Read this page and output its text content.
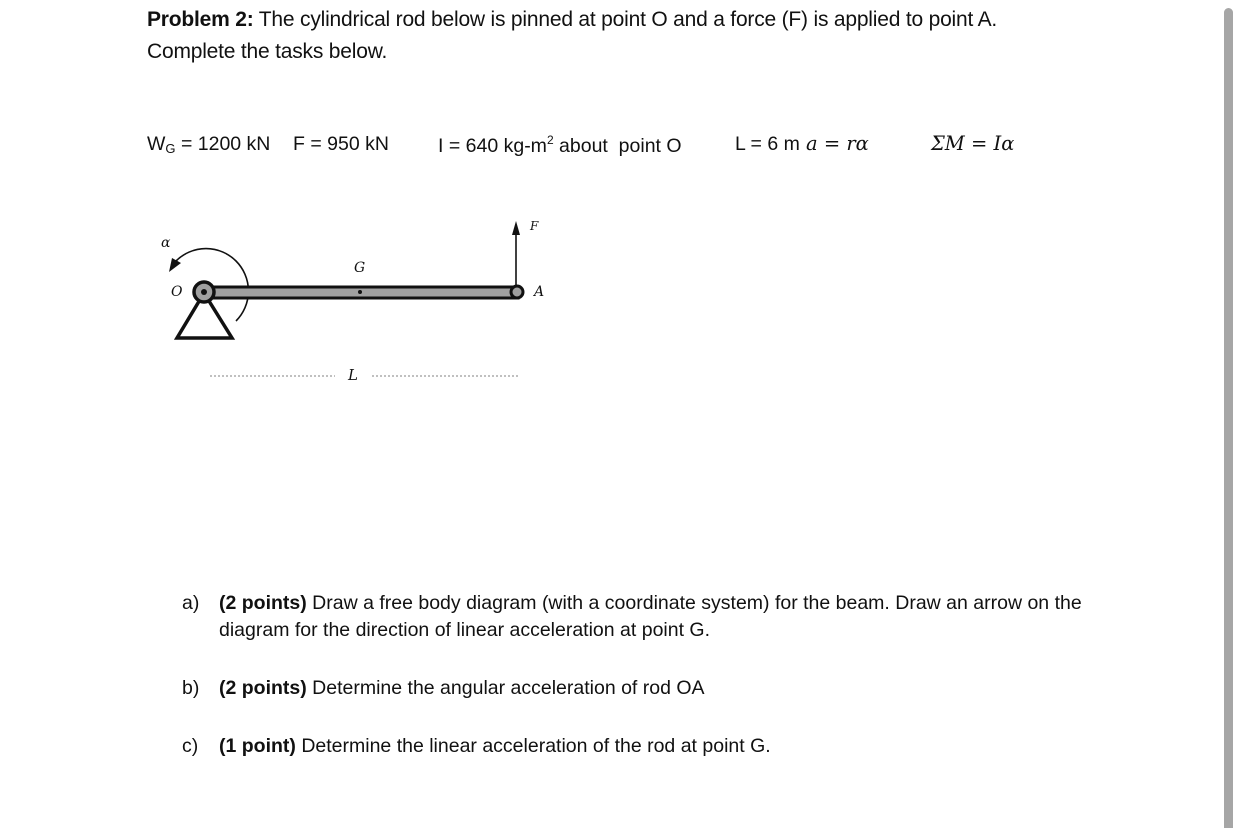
Problem 2: The cylindrical rod below is pinned at point O and a force (F) is applied to point A.
Complete the tasks below.
$W_G = 1200$ kN F = 950 kN	I = 640 $kg-m^2$ about  point O	L = 6 m a = rα	ΣM = Iα
α
O
G
A
F
L
a) (2 points) Draw a free body diagram (with a coordinate system) for the beam. Draw an arrow on the diagram for the direction of linear acceleration at point G.
b) (2 points) Determine the angular acceleration of rod OA
c) (1 point) Determine the linear acceleration of the rod at point G.
